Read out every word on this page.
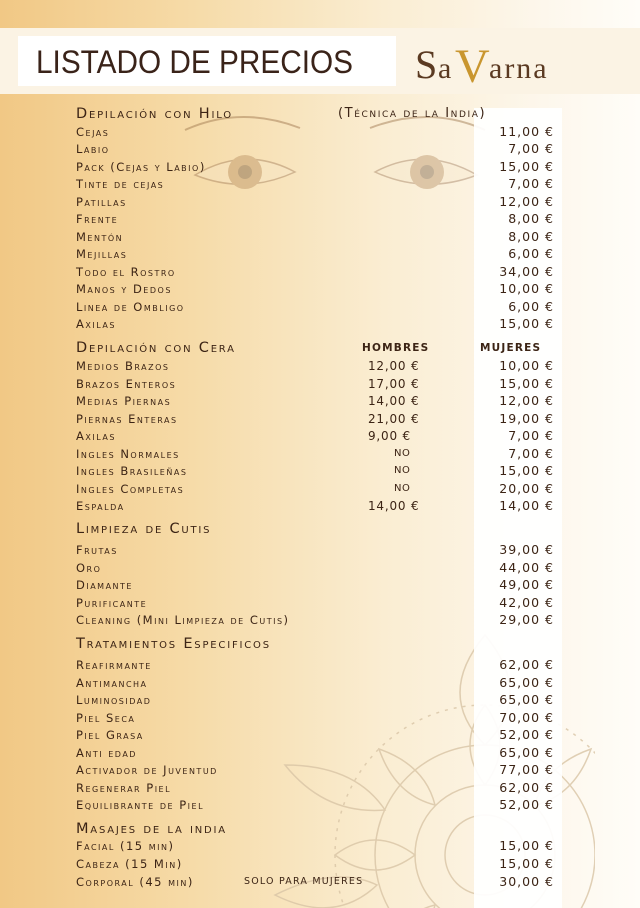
LISTADO DE PRECIOS S a V arna
Depilación con Hilo	(Técnica de la India)
Cejas	11,00 €
Labio	7,00 €
Pack (Cejas y Labio)	15,00 €
Tinte de cejas	7,00 €
Patillas	12,00 €
Frente	8,00 €
Mentón	8,00 €
Mejillas	6,00 €
Todo el Rostro	34,00 €
Manos y Dedos	10,00 €
Linea de Ombligo	6,00 €
Axilas	15,00 €
Depilación con Cera	HOMBRES	MUJERES
Medios Brazos	12,00 €	10,00 €
Brazos Enteros	17,00 €	15,00 €
Medias Piernas	14,00 €	12,00 €
Piernas Enteras	21,00 €	19,00 €
Axilas	9,00 €	7,00 €
Ingles Normales	NO	7,00 €
Ingles Brasileñas	NO	15,00 €
Ingles Completas	NO	20,00 €
Espalda	14,00 €	14,00 €
Limpieza de Cutis
Frutas	39,00 €
Oro	44,00 €
Diamante	49,00 €
Purificante	42,00 €
Cleaning (Mini Limpieza de Cutis)	29,00 €
Tratamientos Especificos
Reafirmante	62,00 €
Antimancha	65,00 €
Luminosidad	65,00 €
Piel Seca	70,00 €
Piel Grasa	52,00 €
Anti edad	65,00 €
Activador de Juventud	77,00 €
Regenerar Piel	62,00 €
Equilibrante de Piel	52,00 €
Masajes de la india
Facial (15 min)	15,00 €
Cabeza (15 Min)	15,00 €
Corporal (45 min)	30,00 €
SOLO PARA MUJERES
